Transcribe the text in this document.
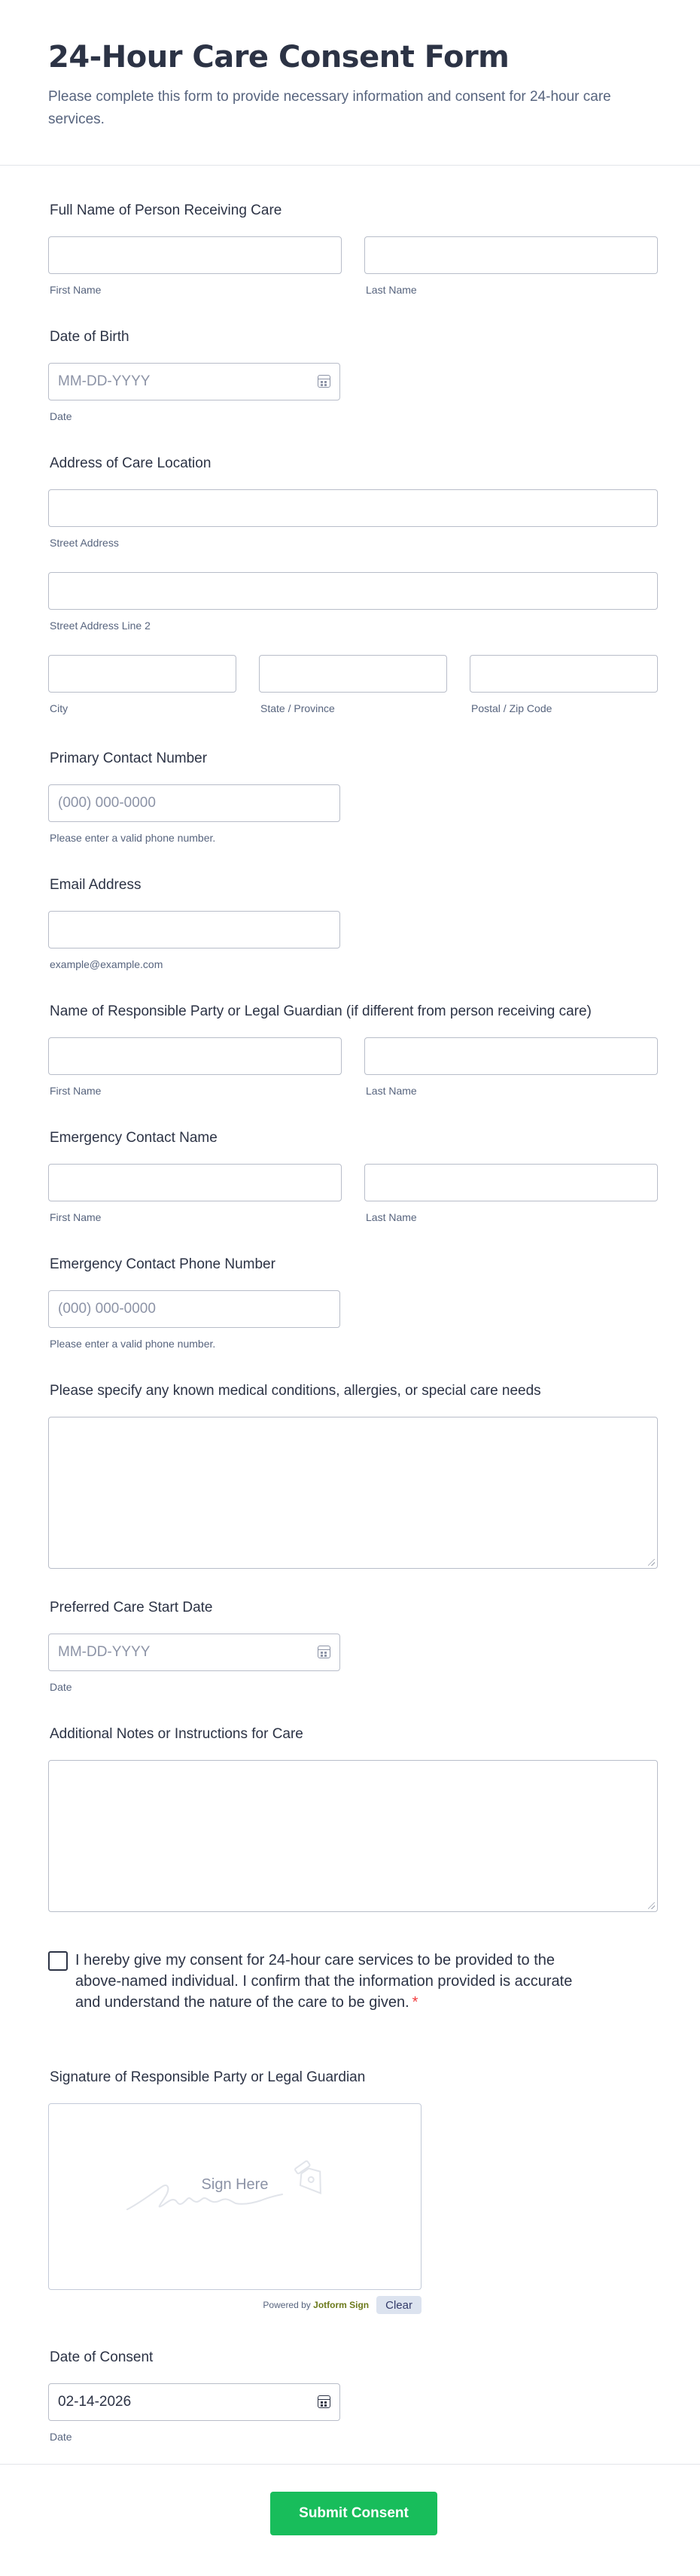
24-Hour Care Consent Form
Please complete this form to provide necessary information and consent for 24-hour care services.
Full Name of Person Receiving Care
First Name	Last Name
Date of Birth
MM-DD-YYYY
Date
Address of Care Location
Street Address
Street Address Line 2
City	State / Province	Postal / Zip Code
Primary Contact Number
(000) 000-0000
Please enter a valid phone number.
Email Address
example@example.com
Name of Responsible Party or Legal Guardian (if different from person receiving care)
First Name	Last Name
Emergency Contact Name
First Name	Last Name
Emergency Contact Phone Number
(000) 000-0000
Please enter a valid phone number.
Please specify any known medical conditions, allergies, or special care needs
Preferred Care Start Date
MM-DD-YYYY
Date
Additional Notes or Instructions for Care
I hereby give my consent for 24-hour care services to be provided to the above-named individual. I confirm that the information provided is accurate and understand the nature of the care to be given. *
Signature of Responsible Party or Legal Guardian
Sign Here
Powered by Jotform Sign	Clear
Date of Consent
02-14-2026
Date
Submit Consent
